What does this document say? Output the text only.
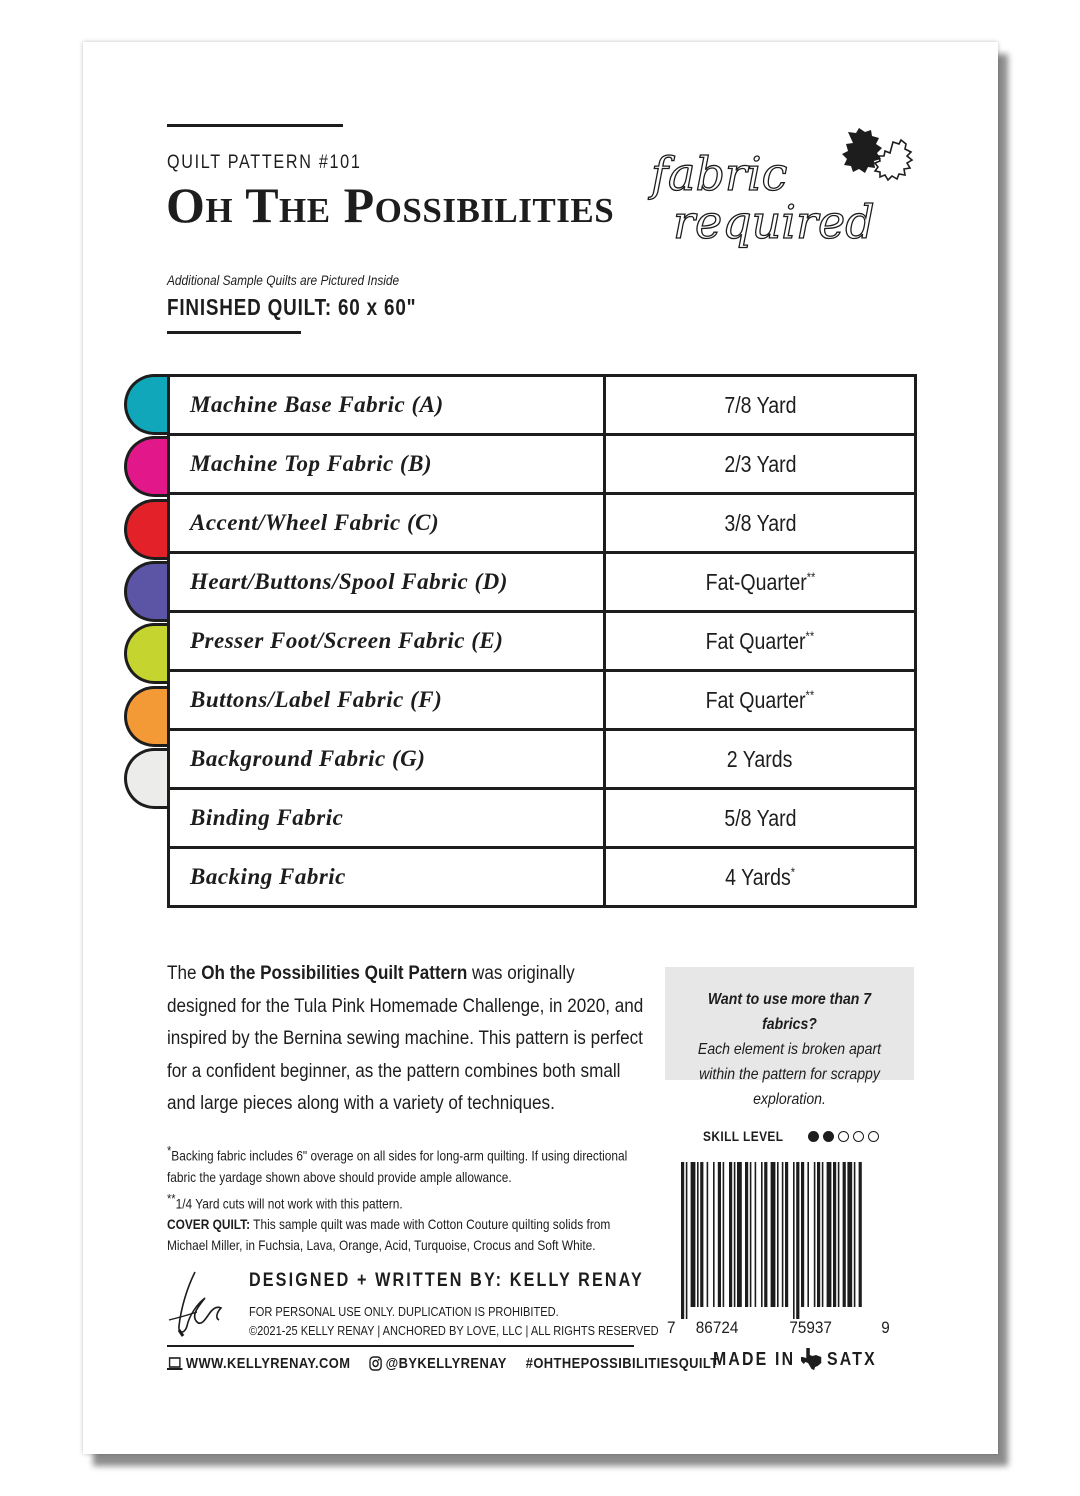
QUILT PATTERN #101
Oh The Possibilities
fabric
required
Additional Sample Quilts are Pictured Inside
FINISHED QUILT: 60 x 60"
Machine Base Fabric (A)	7/8 Yard
Machine Top Fabric (B)	2/3 Yard
Accent/Wheel Fabric (C)	3/8 Yard
Heart/Buttons/Spool Fabric (D)	Fat-Quarter**
Presser Foot/Screen Fabric (E)	Fat Quarter**
Buttons/Label Fabric (F)	Fat Quarter**
Background Fabric (G)	2 Yards
Binding Fabric	5/8 Yard
Backing Fabric	4 Yards*
The Oh the Possibilities Quilt Pattern was originally designed for the Tula Pink Homemade Challenge, in 2020, and inspired by the Bernina sewing machine. This pattern is perfect for a confident beginner, as the pattern combines both small and large pieces along with a variety of techniques.
Want to use more than 7 fabrics?
Each element is broken apart within the pattern for scrappy exploration.
*Backing fabric includes 6" overage on all sides for long-arm quilting. If using directional fabric the yardage shown above should provide ample allowance.
**1/4 Yard cuts will not work with this pattern.
COVER QUILT: This sample quilt was made with Cotton Couture quilting solids from Michael Miller, in Fuchsia, Lava, Orange, Acid, Turquoise, Crocus and Soft White.
SKILL LEVEL
7 86724	75937	9
MADE IN SATX
DESIGNED + WRITTEN BY: KELLY RENAY
FOR PERSONAL USE ONLY. DUPLICATION IS PROHIBITED.
©2021-25 KELLY RENAY | ANCHORED BY LOVE, LLC | ALL RIGHTS RESERVED
WWW.KELLYRENAY.COM @BYKELLYRENAY #OHTHEPOSSIBILITIESQUILT
